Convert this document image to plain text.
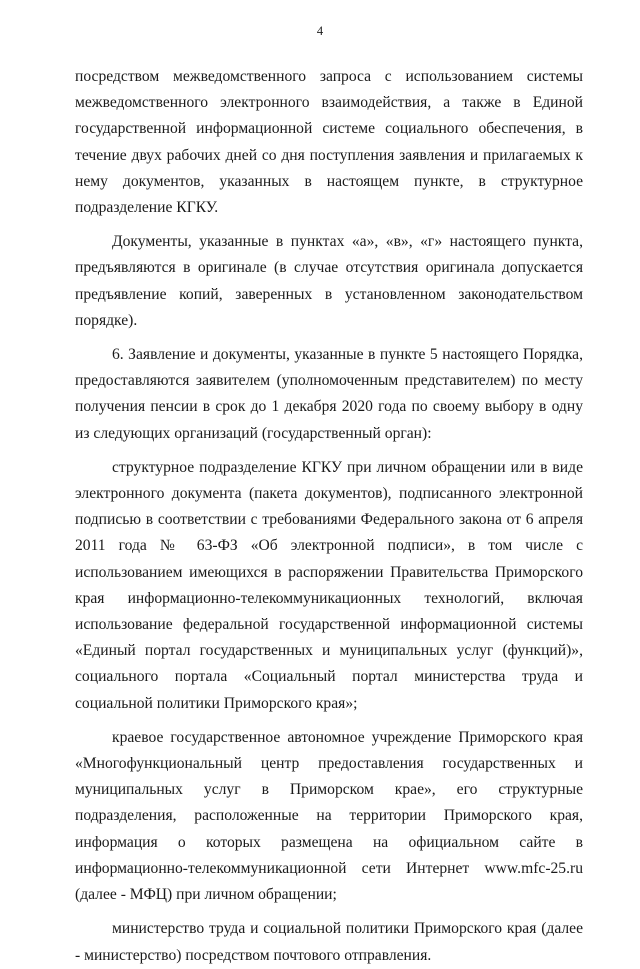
4

посредством межведомственного запроса с использованием системы межведомственного электронного взаимодействия, а также в Единой государственной информационной системе социального обеспечения, в течение двух рабочих дней со дня поступления заявления и прилагаемых к нему документов, указанных в настоящем пункте, в структурное подразделение КГКУ.

Документы, указанные в пунктах «а», «в», «г» настоящего пункта, предъявляются в оригинале (в случае отсутствия оригинала допускается предъявление копий, заверенных в установленном законодательством порядке).

6. Заявление и документы, указанные в пункте 5 настоящего Порядка, предоставляются заявителем (уполномоченным представителем) по месту получения пенсии в срок до 1 декабря 2020 года по своему выбору в одну из следующих организаций (государственный орган):

структурное подразделение КГКУ при личном обращении или в виде электронного документа (пакета документов), подписанного электронной подписью в соответствии с требованиями Федерального закона от 6 апреля 2011 года № 63-ФЗ «Об электронной подписи», в том числе с использованием имеющихся в распоряжении Правительства Приморского края информационно-телекоммуникационных технологий, включая использование федеральной государственной информационной системы «Единый портал государственных и муниципальных услуг (функций)», социального портала «Социальный портал министерства труда и социальной политики Приморского края»;

краевое государственное автономное учреждение Приморского края «Многофункциональный центр предоставления государственных и муниципальных услуг в Приморском крае», его структурные подразделения, расположенные на территории Приморского края, информация о которых размещена на официальном сайте в информационно-телекоммуникационной сети Интернет www.mfc-25.ru (далее - МФЦ) при личном обращении;

министерство труда и социальной политики Приморского края (далее - министерство) посредством почтового отправления.
